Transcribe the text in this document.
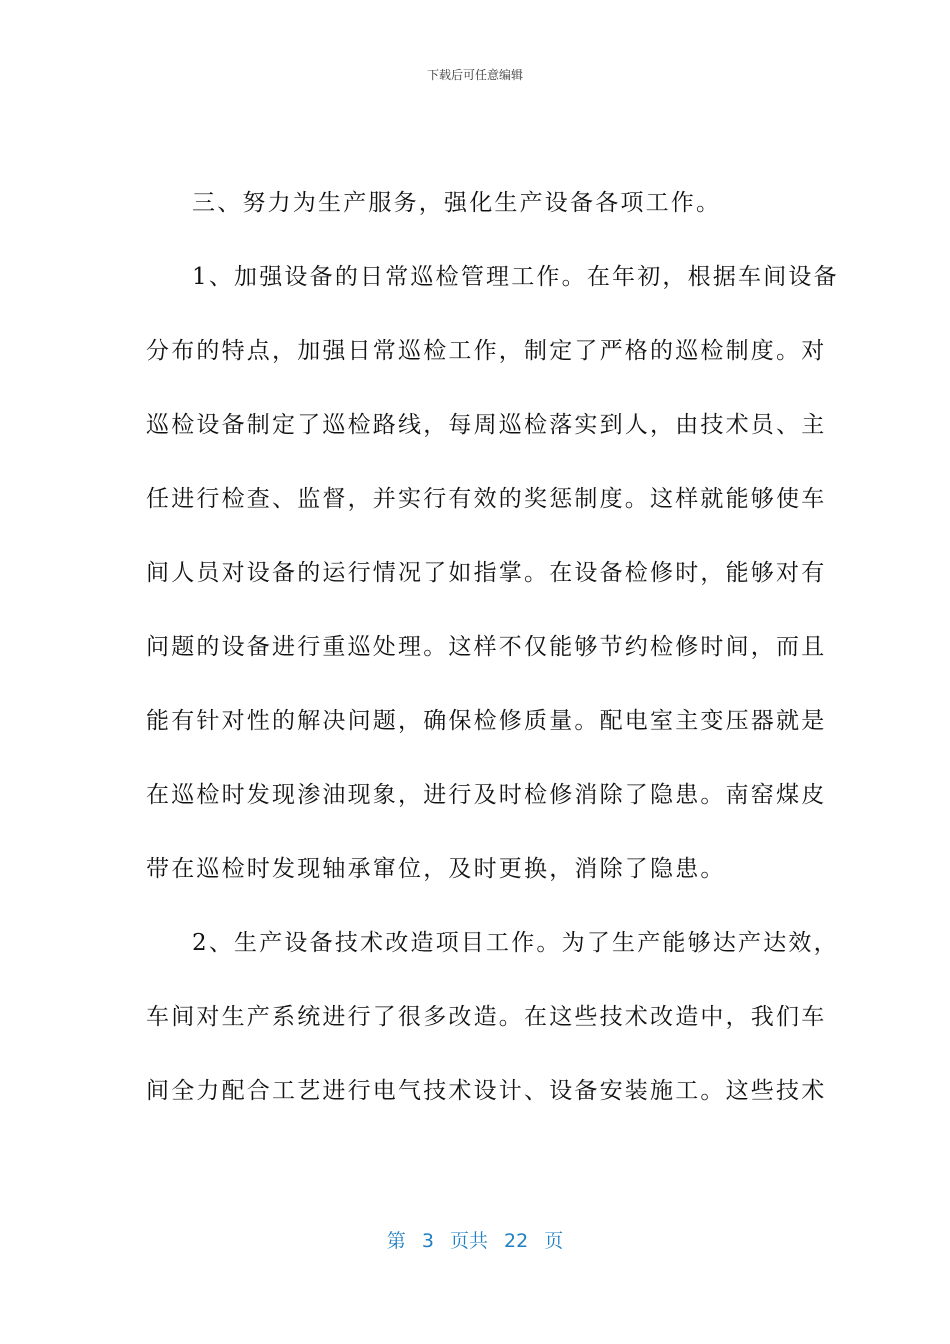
下载后可任意编辑
三、努力为生产服务，强化生产设备各项工作。
1、加强设备的日常巡检管理工作。在年初，根据车间设备
分布的特点，加强日常巡检工作，制定了严格的巡检制度。对
巡检设备制定了巡检路线，每周巡检落实到人，由技术员、主
任进行检查、监督，并实行有效的奖惩制度。这样就能够使车
间人员对设备的运行情况了如指掌。在设备检修时，能够对有
问题的设备进行重巡处理。这样不仅能够节约检修时间，而且
能有针对性的解决问题，确保检修质量。配电室主变压器就是
在巡检时发现渗油现象，进行及时检修消除了隐患。南窑煤皮
带在巡检时发现轴承窜位，及时更换，消除了隐患。
2、生产设备技术改造项目工作。为了生产能够达产达效，
车间对生产系统进行了很多改造。在这些技术改造中，我们车
间全力配合工艺进行电气技术设计、设备安装施工。这些技术
第 3 页共 22 页
